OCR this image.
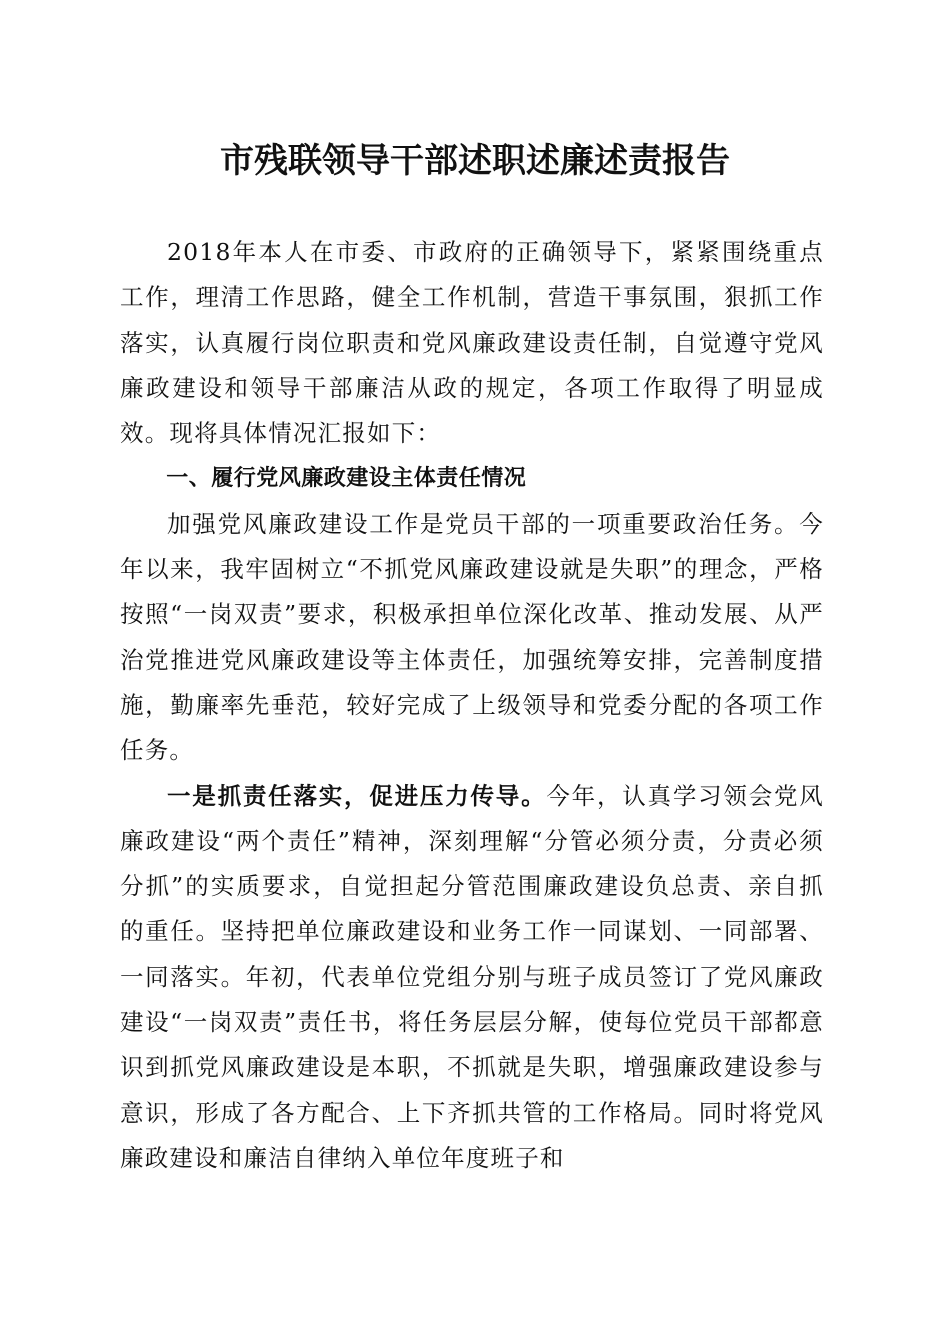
市残联领导干部述职述廉述责报告

2018年本人在市委、市政府的正确领导下，紧紧围绕重点工作，理清工作思路，健全工作机制，营造干事氛围，狠抓工作落实，认真履行岗位职责和党风廉政建设责任制，自觉遵守党风廉政建设和领导干部廉洁从政的规定，各项工作取得了明显成效。现将具体情况汇报如下：

一、履行党风廉政建设主体责任情况

加强党风廉政建设工作是党员干部的一项重要政治任务。今年以来，我牢固树立“不抓党风廉政建设就是失职”的理念，严格按照“一岗双责”要求，积极承担单位深化改革、推动发展、从严治党推进党风廉政建设等主体责任，加强统筹安排，完善制度措施，勤廉率先垂范，较好完成了上级领导和党委分配的各项工作任务。

一是抓责任落实，促进压力传导。今年，认真学习领会党风廉政建设“两个责任”精神，深刻理解“分管必须分责，分责必须分抓”的实质要求，自觉担起分管范围廉政建设负总责、亲自抓的重任。坚持把单位廉政建设和业务工作一同谋划、一同部署、一同落实。年初，代表单位党组分别与班子成员签订了党风廉政建设“一岗双责”责任书，将任务层层分解，使每位党员干部都意识到抓党风廉政建设是本职，不抓就是失职，增强廉政建设参与意识，形成了各方配合、上下齐抓共管的工作格局。同时将党风廉政建设和廉洁自律纳入单位年度班子和
